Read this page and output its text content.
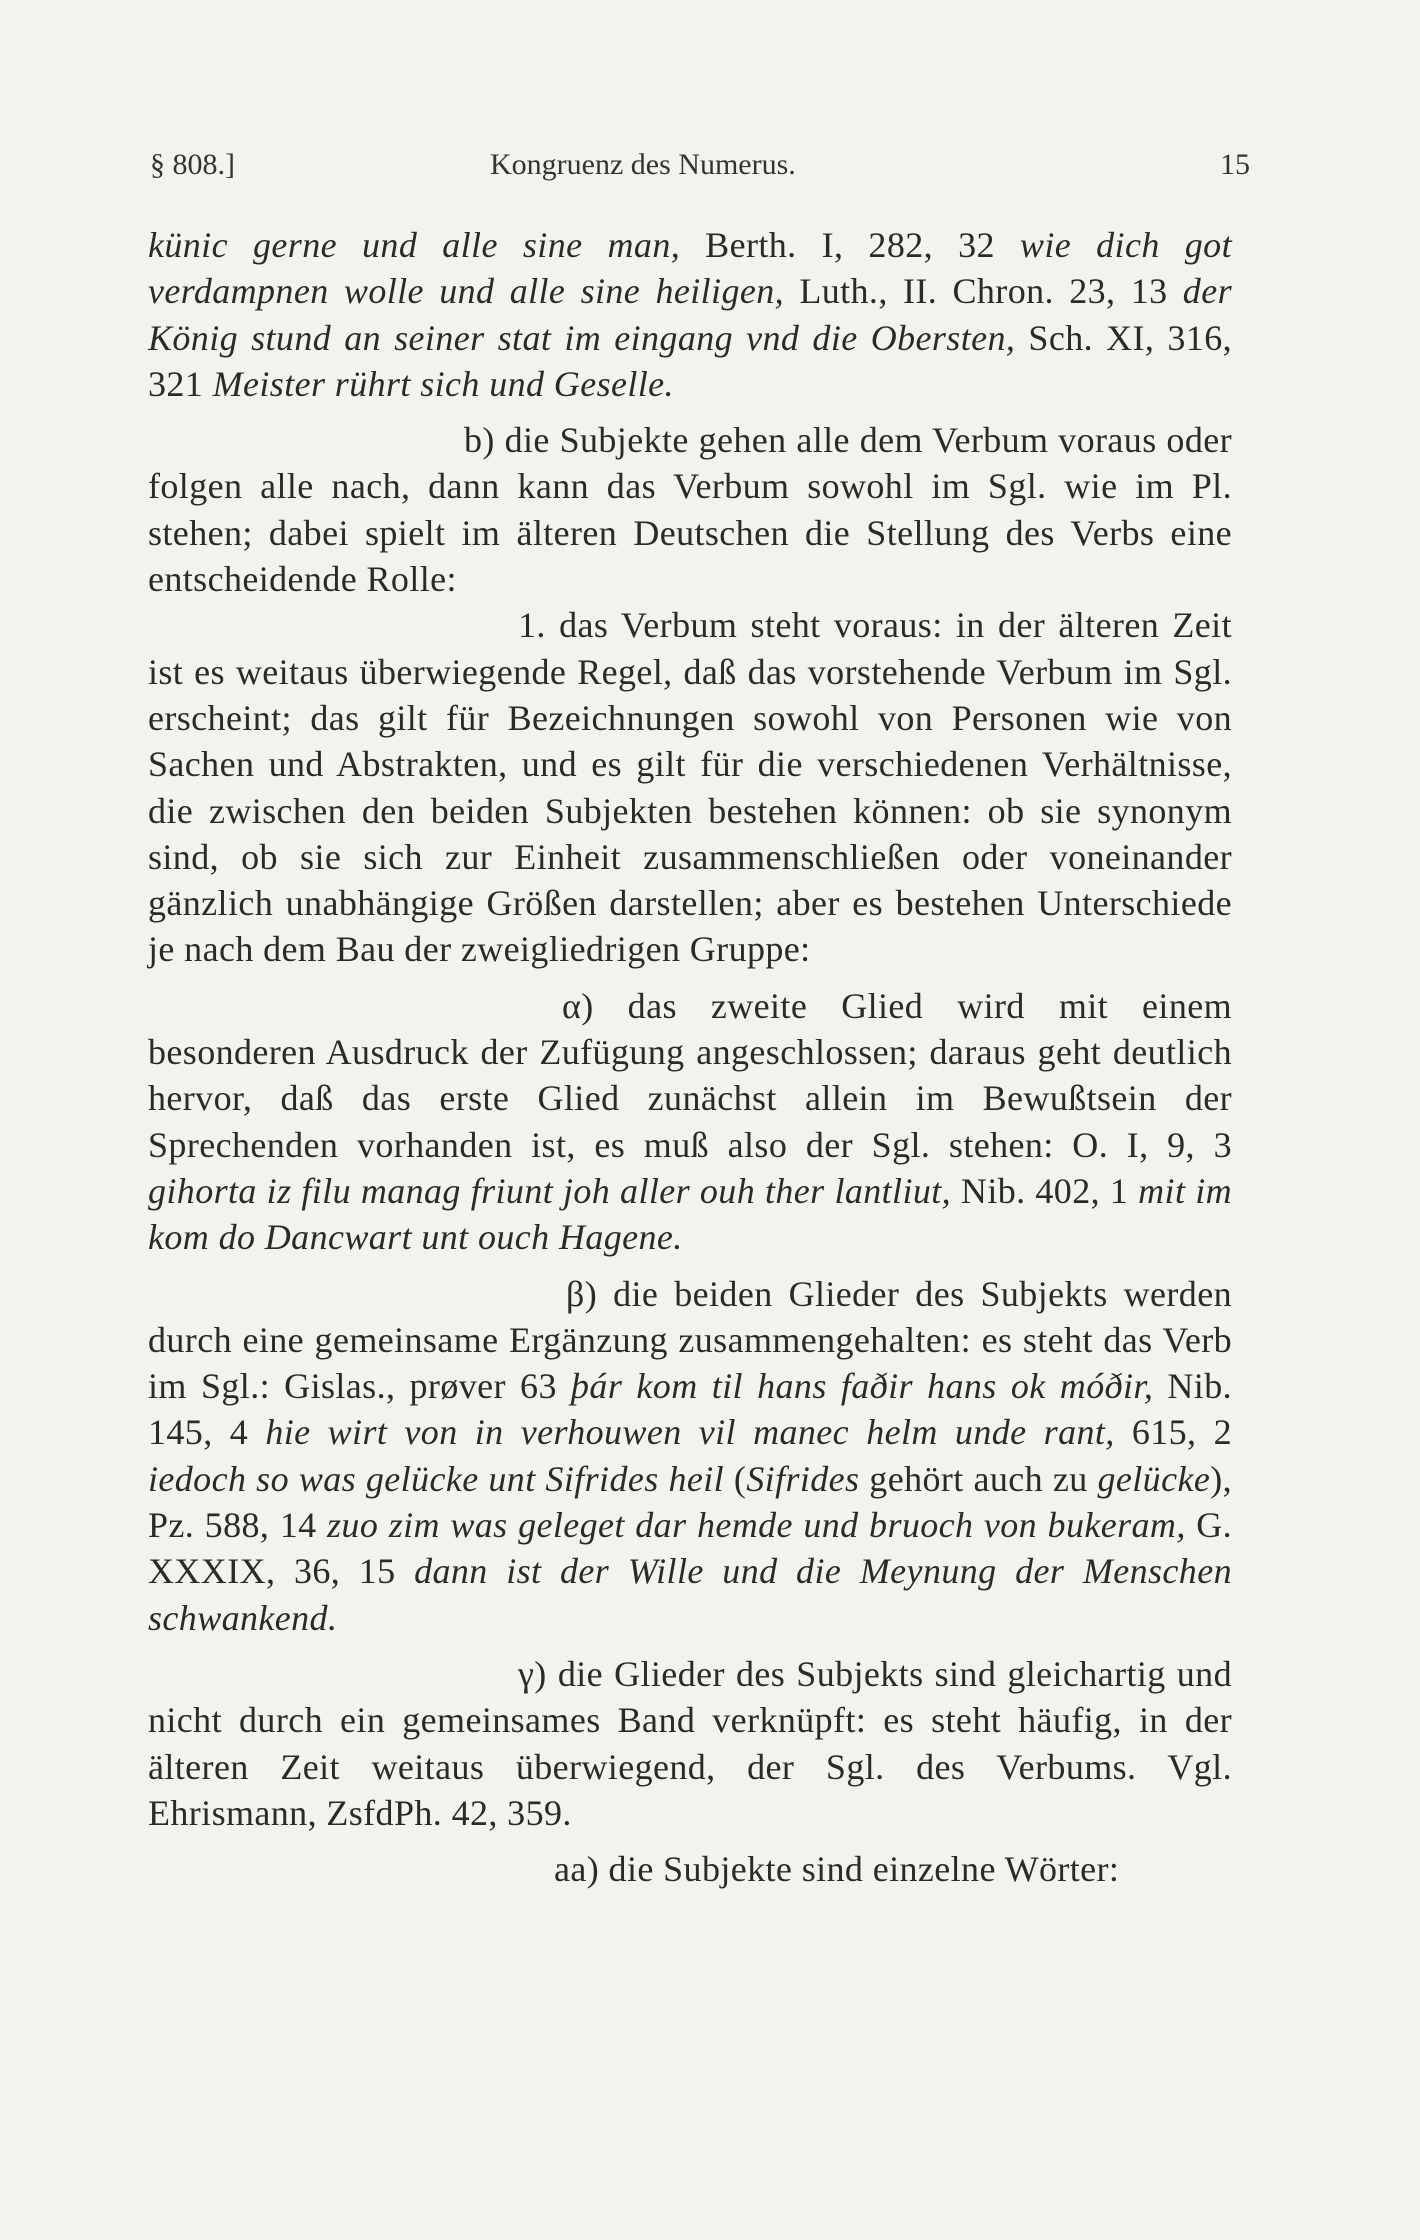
§ 808.]	Kongruenz des Numerus.	15

künic gerne und alle sine man, Berth. I, 282, 32 wie dich got verdampnen wolle und alle sine heiligen, Luth., II. Chron. 23, 13 der König stund an seiner stat im eingang vnd die Obersten, Sch. XI, 316, 321 Meister rührt sich und Geselle.

b) die Subjekte gehen alle dem Verbum voraus oder folgen alle nach, dann kann das Verbum sowohl im Sgl. wie im Pl. stehen; dabei spielt im älteren Deutschen die Stellung des Verbs eine entscheidende Rolle:

1. das Verbum steht voraus: in der älteren Zeit ist es weitaus überwiegende Regel, daß das vorstehende Verbum im Sgl. erscheint; das gilt für Bezeichnungen sowohl von Personen wie von Sachen und Abstrakten, und es gilt für die verschiedenen Verhältnisse, die zwischen den beiden Subjekten bestehen können: ob sie synonym sind, ob sie sich zur Einheit zusammenschließen oder voneinander gänzlich unabhängige Größen darstellen; aber es bestehen Unterschiede je nach dem Bau der zweigliedrigen Gruppe:

α) das zweite Glied wird mit einem besonderen Ausdruck der Zufügung angeschlossen; daraus geht deutlich hervor, daß das erste Glied zunächst allein im Bewußtsein der Sprechenden vorhanden ist, es muß also der Sgl. stehen: O. I, 9, 3 gihorta iz filu manag friunt joh aller ouh ther lantliut, Nib. 402, 1 mit im kom do Dancwart unt ouch Hagene.

β) die beiden Glieder des Subjekts werden durch eine gemeinsame Ergänzung zusammengehalten: es steht das Verb im Sgl.: Gislas., prøver 63 þár kom til hans faðir hans ok móðir, Nib. 145, 4 hie wirt von in verhouwen vil manec helm unde rant, 615, 2 iedoch so was gelücke unt Sifrides heil (Sifrides gehört auch zu gelücke), Pz. 588, 14 zuo zim was geleget dar hemde und bruoch von bukeram, G. XXXIX, 36, 15 dann ist der Wille und die Meynung der Menschen schwankend.

γ) die Glieder des Subjekts sind gleichartig und nicht durch ein gemeinsames Band verknüpft: es steht häufig, in der älteren Zeit weitaus überwiegend, der Sgl. des Verbums. Vgl. Ehrismann, ZsfdPh. 42, 359.

aa) die Subjekte sind einzelne Wörter:
